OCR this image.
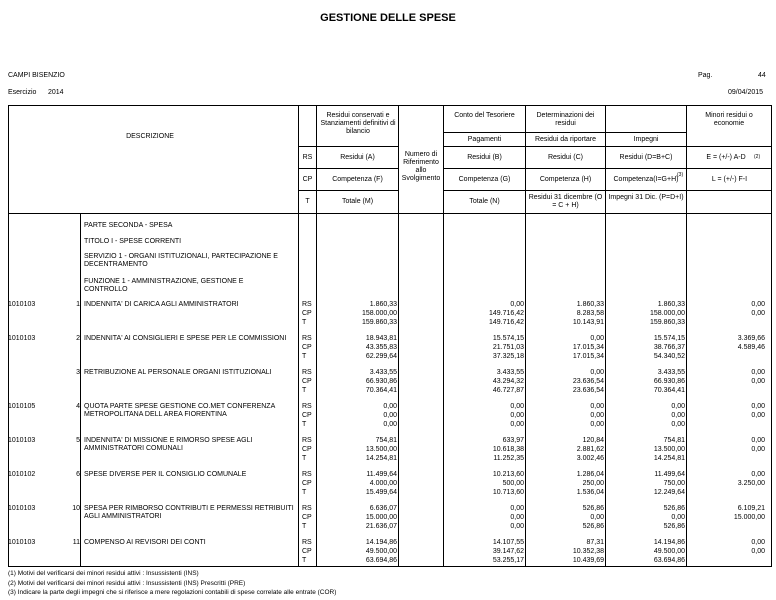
GESTIONE DELLE SPESE
CAMPI BISENZIO	Pag.	44
Esercizio 2014	09/04/2015
DESCRIZIONE
Residui conservati e Stanziamenti definitivi di bilancio
Numero di Riferimento allo Svolgimento
Conto del Tesoriere	Determinazioni dei residui
Minori residui o economie
Pagamenti	Residui da riportare	Impegni
RS
CP
T
Residui (A)	Residui (B)	Residui (C)	Residui (D=B+C)	E = (+/-) A-D	(2)
Competenza (F)	Competenza (G)	Competenza (H)	Competenza(I=G+H)
(3)
L = (+/-) F-I
Totale (M)	Totale (N)
Residui 31 dicembre (O = C + H)
Impegni 31 Dic. (P=D+I)
PARTE SECONDA - SPESA
TITOLO I - SPESE CORRENTI
SERVIZIO 1 - ORGANI ISTITUZIONALI, PARTECIPAZIONE E DECENTRAMENTO
FUNZIONE 1 - AMMINISTRAZIONE, GESTIONE E CONTROLLO
1010103	1 INDENNITA' DI CARICA AGLI AMMINISTRATORI	RS	1.860,33	0,00	1.860,33	1.860,33	0,00
CP	158.000,00	149.716,42	8.283,58	158.000,00	0,00
T	159.860,33	149.716,42	10.143,91	159.860,33
1010103	2 INDENNITA' AI CONSIGLIERI E SPESE PER LE COMMISSIONI	RS	18.943,81	15.574,15	0,00	15.574,15	3.369,66
CP	43.355,83	21.751,03	17.015,34	38.766,37	4.589,46
T	62.299,64	37.325,18	17.015,34	54.340,52
3 RETRIBUZIONE AL PERSONALE ORGANI ISTITUZIONALI	RS	3.433,55	3.433,55	0,00	3.433,55	0,00
CP	66.930,86	43.294,32	23.636,54	66.930,86	0,00
T	70.364,41	46.727,87	23.636,54	70.364,41
1010105	4 QUOTA PARTE SPESE GESTIONE CO.MET CONFERENZA METROPOLITANA DELL AREA FIORENTINA
RS	0,00	0,00	0,00	0,00	0,00
CP	0,00	0,00	0,00	0,00	0,00
T	0,00	0,00	0,00	0,00
1010103	5 INDENNITA' DI MISSIONE E RIMORSO SPESE AGLI AMMINISTRATORI COMUNALI
RS	754,81	633,97	120,84	754,81	0,00
CP	13.500,00	10.618,38	2.881,62	13.500,00	0,00
T	14.254,81	11.252,35	3.002,46	14.254,81
1010102	6 SPESE DIVERSE PER IL CONSIGLIO COMUNALE	RS	11.499,64	10.213,60	1.286,04	11.499,64	0,00
CP	4.000,00	500,00	250,00	750,00	3.250,00
T	15.499,64	10.713,60	1.536,04	12.249,64
1010103	10 SPESA PER RIMBORSO CONTRIBUTI E PERMESSI RETRIBUITI AGLI AMMINISTRATORI
RS	6.636,07	0,00	526,86	526,86	6.109,21
CP	15.000,00	0,00	0,00	0,00	15.000,00
T	21.636,07	0,00	526,86	526,86
1010103	11 COMPENSO AI REVISORI DEI CONTI	RS	14.194,86	14.107,55	87,31	14.194,86	0,00
CP	49.500,00	39.147,62	10.352,38	49.500,00	0,00
T	63.694,86	53.255,17	10.439,69	63.694,86
(1) Motivi del verificarsi dei minori residui attivi : Insussistenti (INS)
(2) Motivi del verificarsi dei minori residui attivi : Insussistenti (INS) Prescritti (PRE)
(3) Indicare la parte degli impegni che si riferisce a mere regolazioni contabili di spese correlate alle entrate (COR)
